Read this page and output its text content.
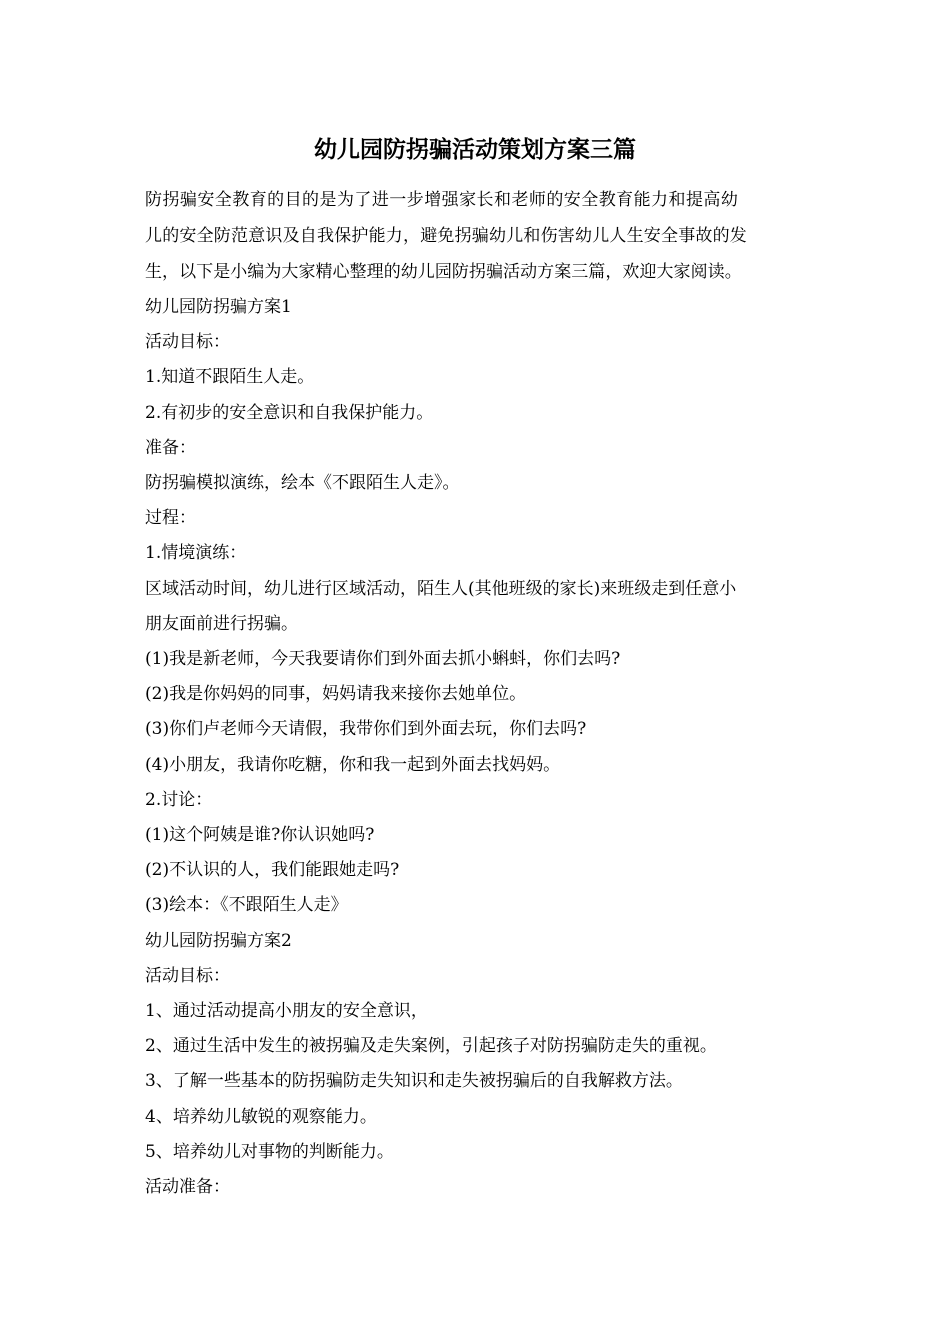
幼儿园防拐骗活动策划方案三篇

防拐骗安全教育的目的是为了进一步增强家长和老师的安全教育能力和提高幼
儿的安全防范意识及自我保护能力，避免拐骗幼儿和伤害幼儿人生安全事故的发
生，以下是小编为大家精心整理的幼儿园防拐骗活动方案三篇，欢迎大家阅读。

幼儿园防拐骗方案1

活动目标：

1.知道不跟陌生人走。

2.有初步的安全意识和自我保护能力。

准备：

防拐骗模拟演练，绘本《不跟陌生人走》。

过程：

1.情境演练：

区域活动时间，幼儿进行区域活动，陌生人(其他班级的家长)来班级走到任意小

朋友面前进行拐骗。

(1)我是新老师，今天我要请你们到外面去抓小蝌蚪，你们去吗?

(2)我是你妈妈的同事，妈妈请我来接你去她单位。

(3)你们卢老师今天请假，我带你们到外面去玩，你们去吗?

(4)小朋友，我请你吃糖，你和我一起到外面去找妈妈。

2.讨论：

(1)这个阿姨是谁?你认识她吗?

(2)不认识的人，我们能跟她走吗?

(3)绘本：《不跟陌生人走》

幼儿园防拐骗方案2

活动目标：

1、通过活动提高小朋友的安全意识，

2、通过生活中发生的被拐骗及走失案例，引起孩子对防拐骗防走失的重视。

3、了解一些基本的防拐骗防走失知识和走失被拐骗后的自我解救方法。

4、培养幼儿敏锐的观察能力。

5、培养幼儿对事物的判断能力。

活动准备：
